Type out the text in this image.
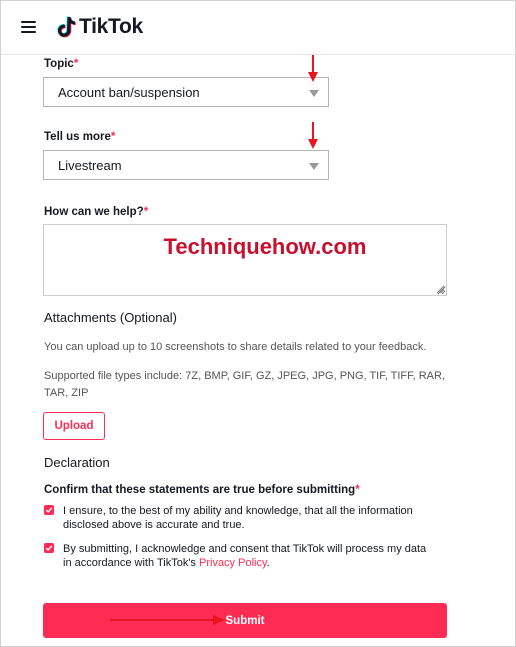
TikTok
Topic*
Account ban/suspension
Tell us more*
Livestream
How can we help?*
Techniquehow.com
Attachments (Optional)
You can upload up to 10 screenshots to share details related to your feedback.
Supported file types include: 7Z, BMP, GIF, GZ, JPEG, JPG, PNG, TIF, TIFF, RAR,
TAR, ZIP
Upload
Declaration
Confirm that these statements are true before submitting*
I ensure, to the best of my ability and knowledge, that all the information
disclosed above is accurate and true.
By submitting, I acknowledge and consent that TikTok will process my data
in accordance with TikTok's Privacy Policy.
Submit
